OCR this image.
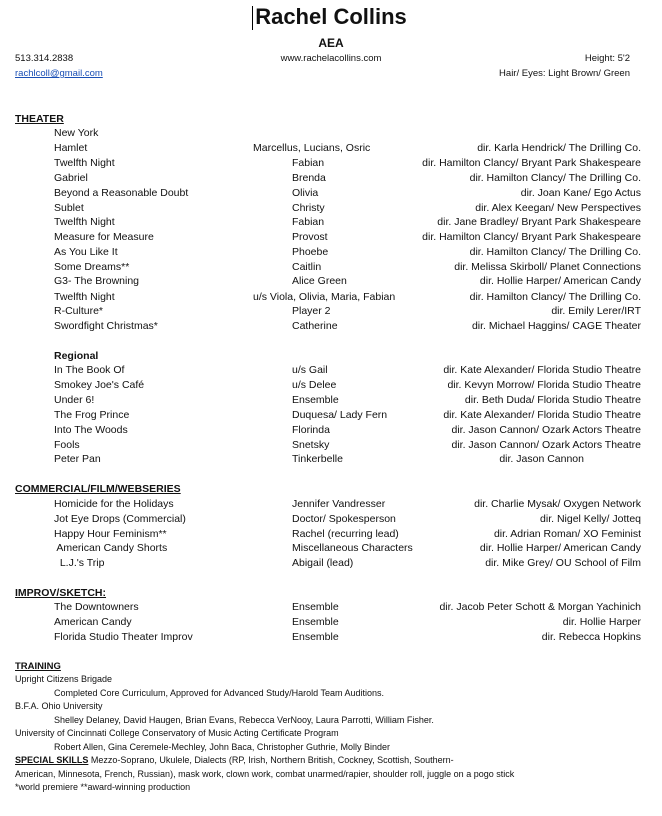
Rachel Collins
AEA
513.314.2838	www.rachelacollins.com	Height: 5'2
rachlcoll@gmail.com	Hair/ Eyes: Light Brown/ Green
THEATER
New York
Hamlet	Marcellus, Lucians, Osric	dir. Karla Hendrick/ The Drilling Co.
Twelfth Night	Fabian	dir. Hamilton Clancy/ Bryant Park Shakespeare
Gabriel	Brenda	dir. Hamilton Clancy/ The Drilling Co.
Beyond a Reasonable Doubt	Olivia	dir. Joan Kane/ Ego Actus
Sublet	Christy	dir. Alex Keegan/ New Perspectives
Twelfth Night	Fabian	dir. Jane Bradley/ Bryant Park Shakespeare
Measure for Measure	Provost	dir. Hamilton Clancy/ Bryant Park Shakespeare
As You Like It	Phoebe	dir. Hamilton Clancy/ The Drilling Co.
Some Dreams**	Caitlin	dir. Melissa Skirboll/ Planet Connections
G3- The Browning	Alice Green	dir. Hollie Harper/ American Candy
Twelfth Night	u/s Viola, Olivia, Maria, Fabian	dir. Hamilton Clancy/ The Drilling Co.
R-Culture*	Player 2	dir. Emily Lerer/IRT
Swordfight Christmas*	Catherine	dir. Michael Haggins/ CAGE Theater
Regional
In The Book Of	u/s Gail	dir. Kate Alexander/ Florida Studio Theatre
Smokey Joe's Café	u/s Delee	dir. Kevyn Morrow/ Florida Studio Theatre
Under 6!	Ensemble	dir. Beth Duda/ Florida Studio Theatre
The Frog Prince	Duquesa/ Lady Fern	dir. Kate Alexander/ Florida Studio Theatre
Into The Woods	Florinda	dir. Jason Cannon/ Ozark Actors Theatre
Fools	Snetsky	dir. Jason Cannon/ Ozark Actors Theatre
Peter Pan	Tinkerbelle	dir. Jason Cannon
COMMERCIAL/FILM/WEBSERIES
Homicide for the Holidays	Jennifer Vandresser	dir. Charlie Mysak/ Oxygen Network
Jot Eye Drops (Commercial)	Doctor/ Spokesperson	dir. Nigel Kelly/ Jotteq
Happy Hour Feminism**	Rachel (recurring lead)	dir. Adrian Roman/ XO Feminist
American Candy Shorts	Miscellaneous Characters	dir. Hollie Harper/ American Candy
L.J.'s Trip	Abigail (lead)	dir. Mike Grey/ OU School of Film
IMPROV/SKETCH:
The Downtowners	Ensemble	dir. Jacob Peter Schott & Morgan Yachinich
American Candy	Ensemble	dir. Hollie Harper
Florida Studio Theater Improv	Ensemble	dir. Rebecca Hopkins
TRAINING
Upright Citizens Brigade
Completed Core Curriculum, Approved for Advanced Study/Harold Team Auditions.
B.F.A. Ohio University
Shelley Delaney, David Haugen, Brian Evans, Rebecca VerNooy, Laura Parrotti, William Fisher.
University of Cincinnati College Conservatory of Music Acting Certificate Program
Robert Allen, Gina Ceremele-Mechley, John Baca, Christopher Guthrie, Molly Binder
SPECIAL SKILLS Mezzo-Soprano, Ukulele, Dialects (RP, Irish, Northern British, Cockney, Scottish, Southern-
American, Minnesota, French, Russian), mask work, clown work, combat unarmed/rapier, shoulder roll, juggle on a pogo stick
*world premiere **award-winning production
